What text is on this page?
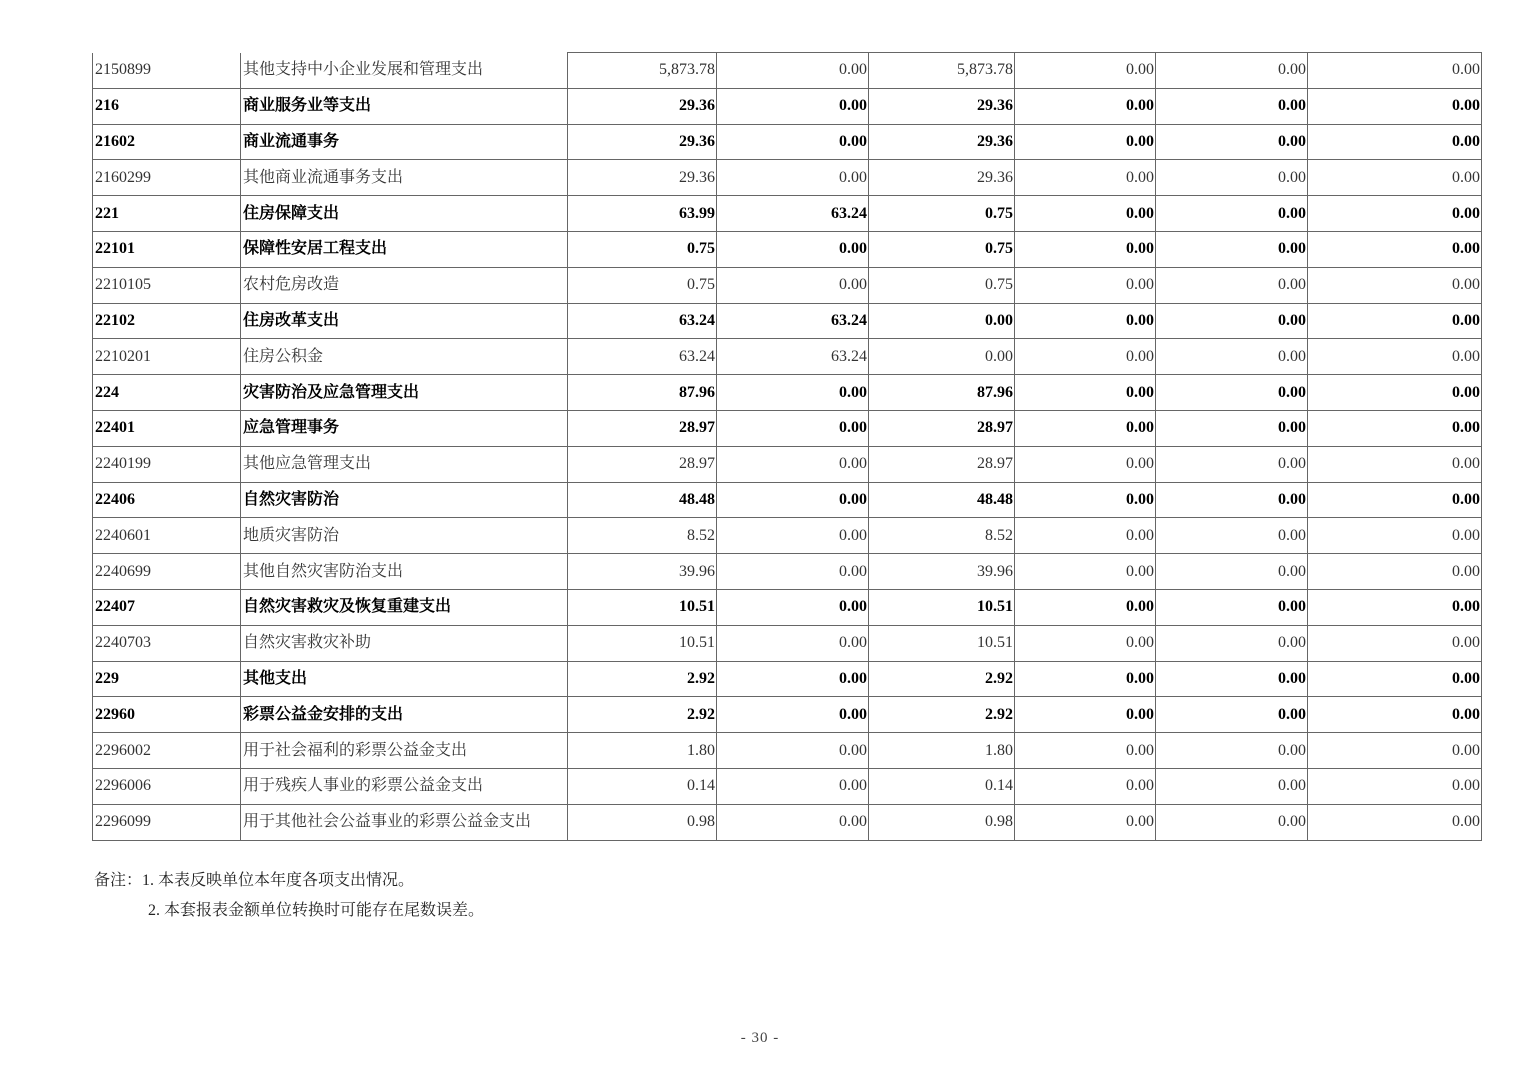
2150899	其他支持中小企业发展和管理支出	5,873.78	0.00	5,873.78	0.00	0.00	0.00
216	商业服务业等支出	29.36	0.00	29.36	0.00	0.00	0.00
21602	商业流通事务	29.36	0.00	29.36	0.00	0.00	0.00
2160299	其他商业流通事务支出	29.36	0.00	29.36	0.00	0.00	0.00
221	住房保障支出	63.99	63.24	0.75	0.00	0.00	0.00
22101	保障性安居工程支出	0.75	0.00	0.75	0.00	0.00	0.00
2210105	农村危房改造	0.75	0.00	0.75	0.00	0.00	0.00
22102	住房改革支出	63.24	63.24	0.00	0.00	0.00	0.00
2210201	住房公积金	63.24	63.24	0.00	0.00	0.00	0.00
224	灾害防治及应急管理支出	87.96	0.00	87.96	0.00	0.00	0.00
22401	应急管理事务	28.97	0.00	28.97	0.00	0.00	0.00
2240199	其他应急管理支出	28.97	0.00	28.97	0.00	0.00	0.00
22406	自然灾害防治	48.48	0.00	48.48	0.00	0.00	0.00
2240601	地质灾害防治	8.52	0.00	8.52	0.00	0.00	0.00
2240699	其他自然灾害防治支出	39.96	0.00	39.96	0.00	0.00	0.00
22407	自然灾害救灾及恢复重建支出	10.51	0.00	10.51	0.00	0.00	0.00
2240703	自然灾害救灾补助	10.51	0.00	10.51	0.00	0.00	0.00
229	其他支出	2.92	0.00	2.92	0.00	0.00	0.00
22960	彩票公益金安排的支出	2.92	0.00	2.92	0.00	0.00	0.00
2296002	用于社会福利的彩票公益金支出	1.80	0.00	1.80	0.00	0.00	0.00
2296006	用于残疾人事业的彩票公益金支出	0.14	0.00	0.14	0.00	0.00	0.00
2296099	用于其他社会公益事业的彩票公益金支出	0.98	0.00	0.98	0.00	0.00	0.00
备注：1. 本表反映单位本年度各项支出情况。
2. 本套报表金额单位转换时可能存在尾数误差。
- 30 -
